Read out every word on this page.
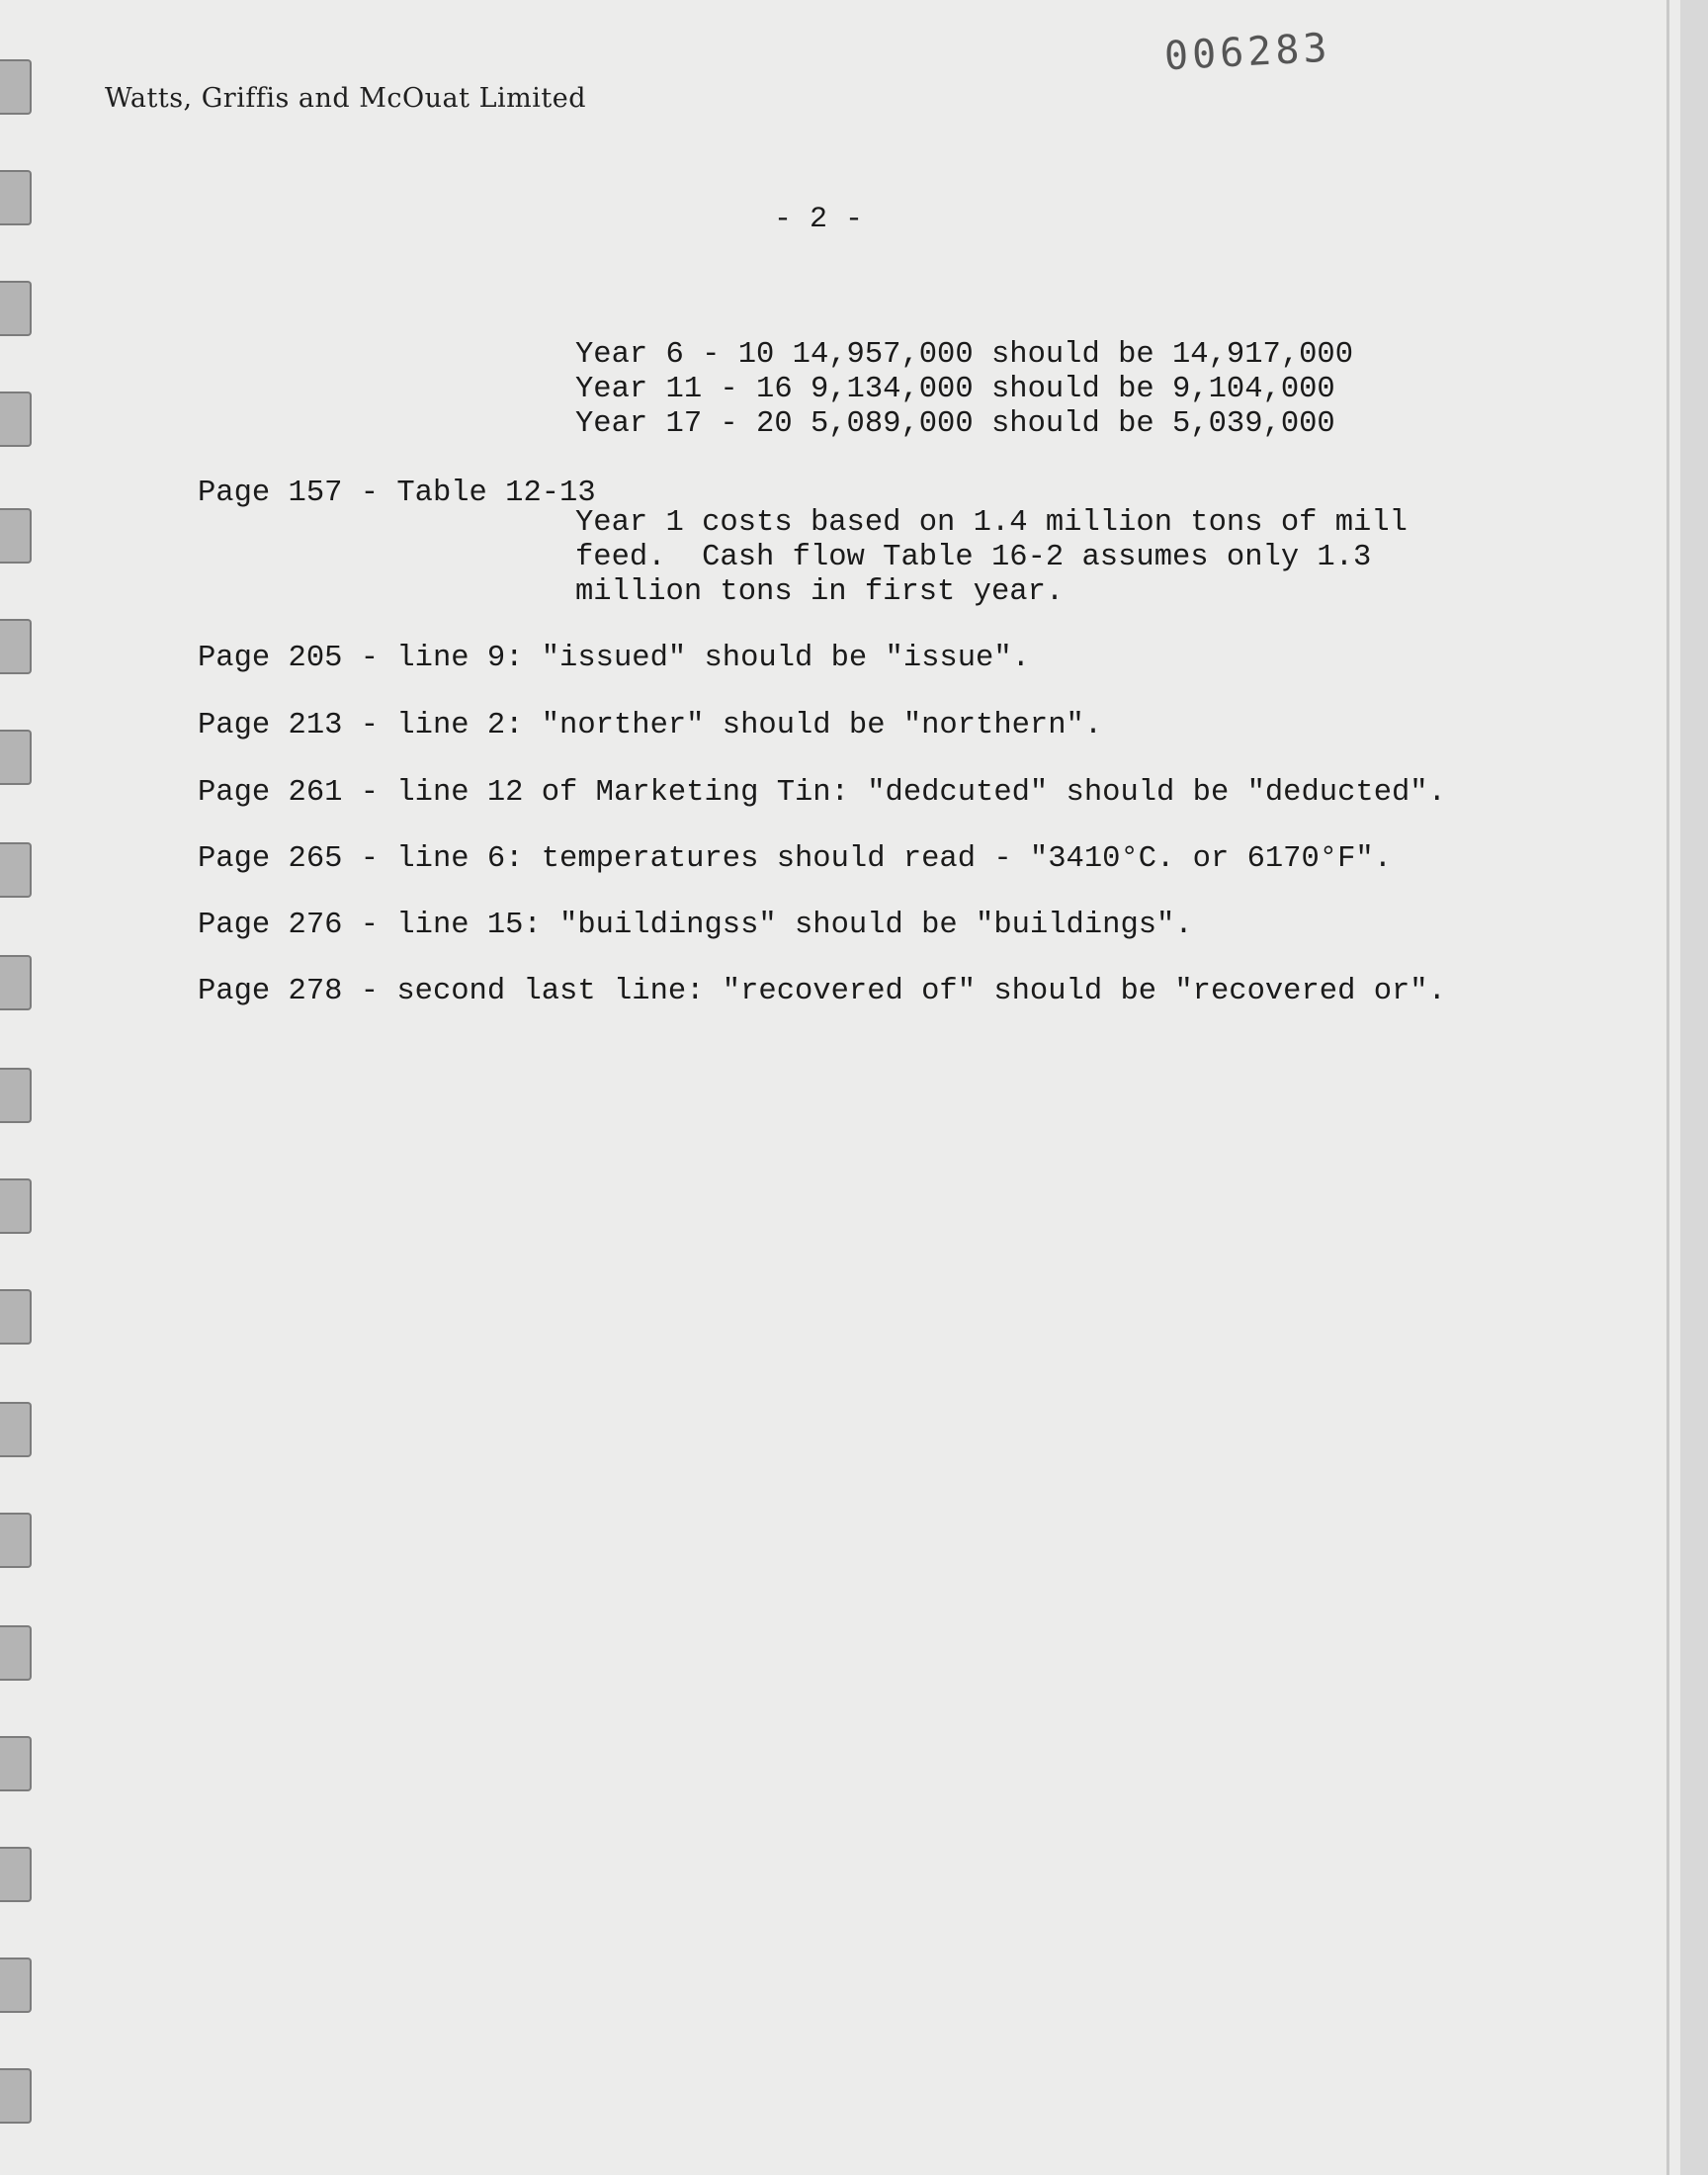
Watts, Griffis and McOuat Limited
006283
- 2 -
Year 6 - 10 14,957,000 should be 14,917,000
Year 11 - 16 9,134,000 should be 9,104,000
Year 17 - 20 5,089,000 should be 5,039,000
Page 157 - Table 12-13
Year 1 costs based on 1.4 million tons of mill
feed.  Cash flow Table 16-2 assumes only 1.3
million tons in first year.
Page 205 - line 9: "issued" should be "issue".
Page 213 - line 2: "norther" should be "northern".
Page 261 - line 12 of Marketing Tin: "dedcuted" should be "deducted".
Page 265 - line 6: temperatures should read - "3410°C. or 6170°F".
Page 276 - line 15: "buildingss" should be "buildings".
Page 278 - second last line: "recovered of" should be "recovered or".
